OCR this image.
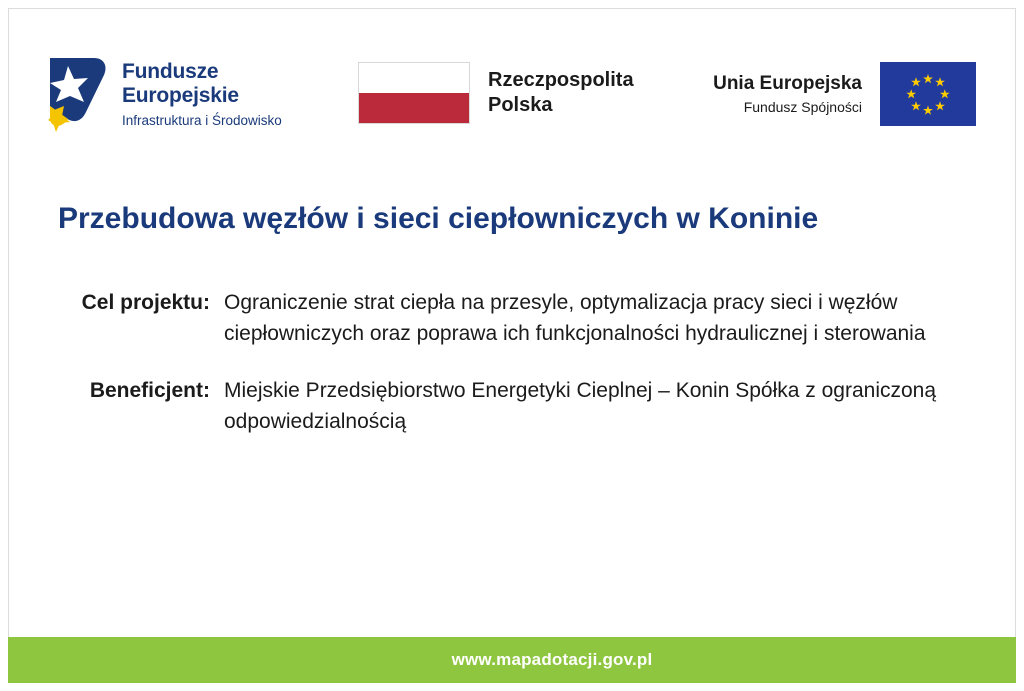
Fundusze
Europejskie
Infrastruktura i Środowisko
Rzeczpospolita
Polska
Unia Europejska
Fundusz Spójności
Przebudowa węzłów i sieci ciepłowniczych w Koninie
Cel projektu: Ograniczenie strat ciepła na przesyle, optymalizacja pracy sieci i węzłów ciepłowniczych oraz poprawa ich funkcjonalności hydraulicznej i sterowania
Beneficjent: Miejskie Przedsiębiorstwo Energetyki Cieplnej – Konin Spółka z ograniczoną odpowiedzialnością
www.mapadotacji.gov.pl
